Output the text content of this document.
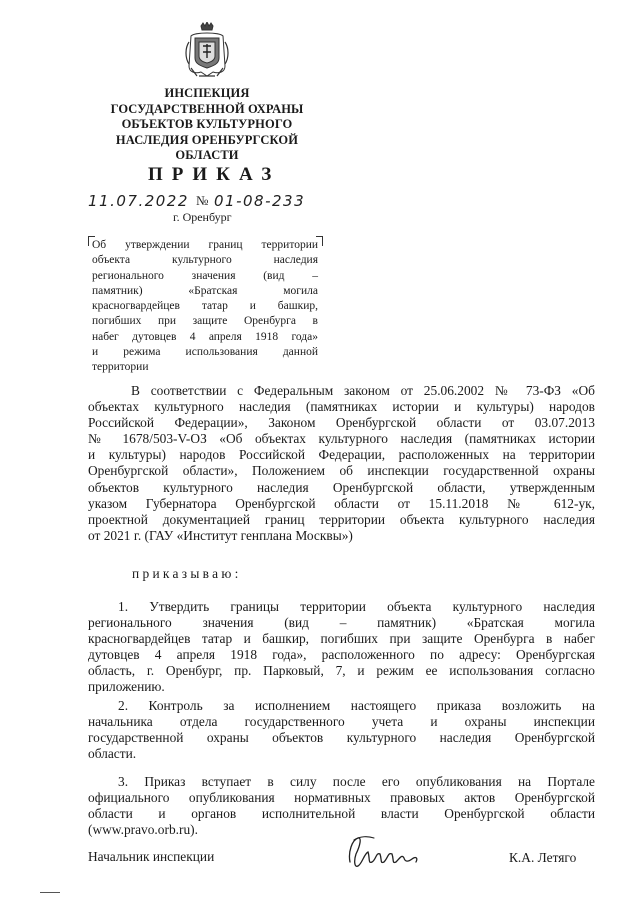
ИНСПЕКЦИЯ
ГОСУДАРСТВЕННОЙ ОХРАНЫ
ОБЪЕКТОВ КУЛЬТУРНОГО
НАСЛЕДИЯ ОРЕНБУРГСКОЙ
ОБЛАСТИ
ПРИКАЗ
11.07.2022 № 01-08-233
г. Оренбург
Об утверждении границ территории
объекта культурного наследия
регионального значения (вид –
памятник) «Братская могила
красногвардейцев татар и башкир,
погибших при защите Оренбурга в
набег дутовцев 4 апреля 1918 года»
и режима использования данной
территории
В соответствии с Федеральным законом от 25.06.2002 № 73-ФЗ «Об
объектах культурного наследия (памятниках истории и культуры) народов
Российской Федерации», Законом Оренбургской области от 03.07.2013
№ 1678/503-V-ОЗ «Об объектах культурного наследия (памятниках истории
и культуры) народов Российской Федерации, расположенных на территории
Оренбургской области», Положением об инспекции государственной охраны
объектов культурного наследия Оренбургской области, утвержденным
указом Губернатора Оренбургской области от 15.11.2018 № 612-ук,
проектной документацией границ территории объекта культурного наследия
от 2021 г. (ГАУ «Институт генплана Москвы»)
приказываю:
1. Утвердить границы территории объекта культурного наследия
регионального значения (вид – памятник) «Братская могила
красногвардейцев татар и башкир, погибших при защите Оренбурга в набег
дутовцев 4 апреля 1918 года», расположенного по адресу: Оренбургская
область, г. Оренбург, пр. Парковый, 7, и режим ее использования согласно
приложению.
2. Контроль за исполнением настоящего приказа возложить на
начальника отдела государственного учета и охраны инспекции
государственной охраны объектов культурного наследия Оренбургской
области.
3. Приказ вступает в силу после его опубликования на Портале
официального опубликования нормативных правовых актов Оренбургской
области и органов исполнительной власти Оренбургской области
(www.pravo.orb.ru).
Начальник инспекции	К.А. Летяго
